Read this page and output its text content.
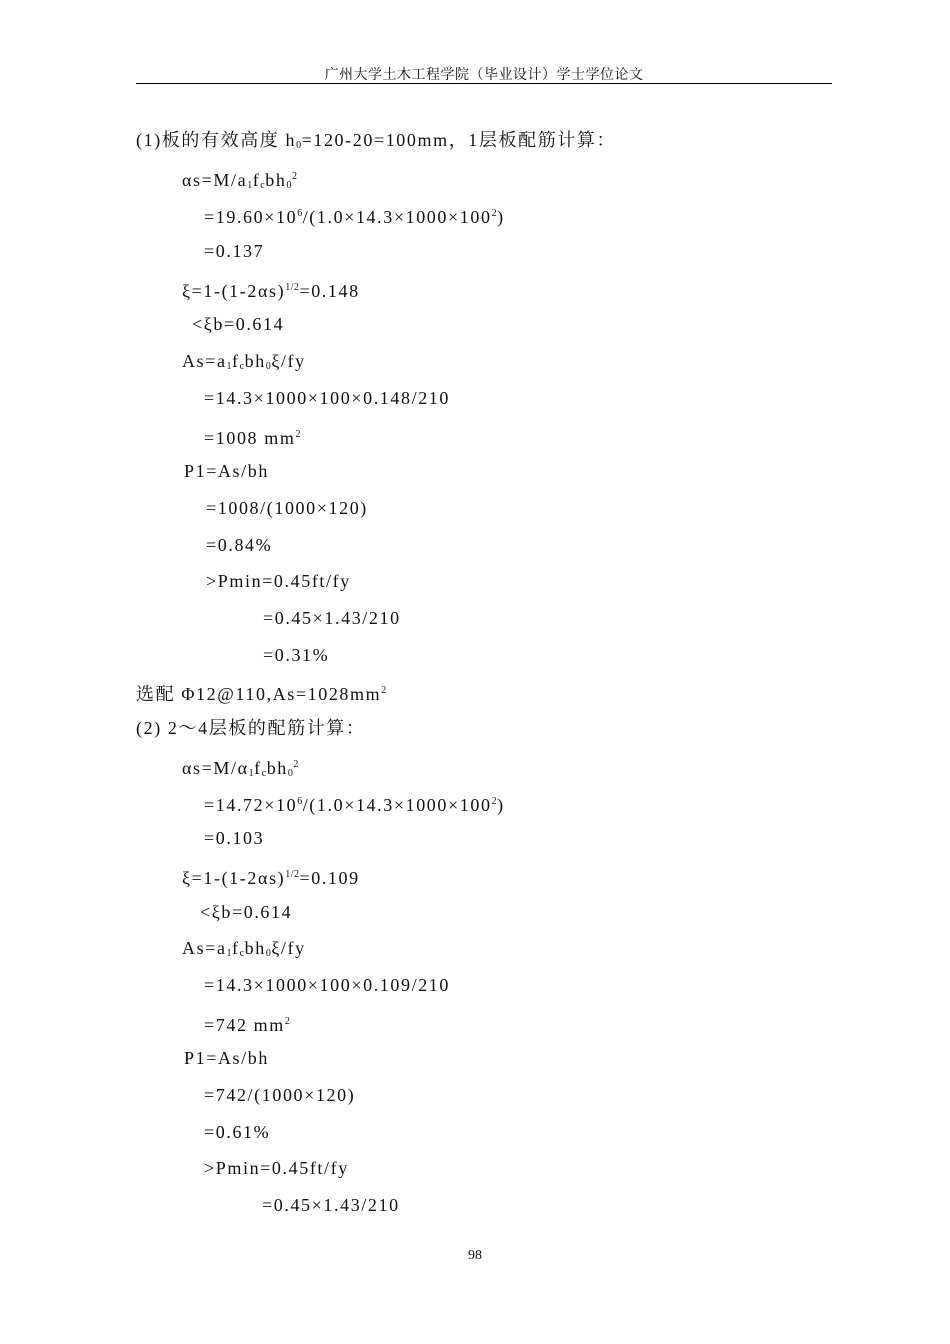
广州大学土木工程学院（毕业设计）学士学位论文
(1)板的有效高度 $h_0=120-20=100mm$，1层板配筋计算：
$\alpha s=M/a_1f_cbh_0^2$
$=19.60\times 10^6/(1.0\times 14.3\times 1000\times 100^2)$
=0.137
$\xi=1-(1-2\alpha s)^{1/2}=0.148$
<ξb=0.614
$As=a_1f_cbh_0\xi/fy$
=14.3×1000×100×0.148/210
=1008 $mm^2$
P1=As/bh
=1008/(1000×120)
=0.84%
>Pmin=0.45ft/fy
=0.45×1.43/210
=0.31%
选配 $\Phi 12@110,As=1028mm^2$
(2) 2～4层板的配筋计算：
$\alpha s=M/\alpha_1f_cbh_0^2$
$=14.72\times 10^6/(1.0\times 14.3\times 1000\times 100^2)$
=0.103
$\xi=1-(1-2\alpha s)^{1/2}=0.109$
<ξb=0.614
$As=a_1f_cbh_0\xi/fy$
=14.3×1000×100×0.109/210
=742 $mm^2$
P1=As/bh
=742/(1000×120)
=0.61%
>Pmin=0.45ft/fy
=0.45×1.43/210
98
